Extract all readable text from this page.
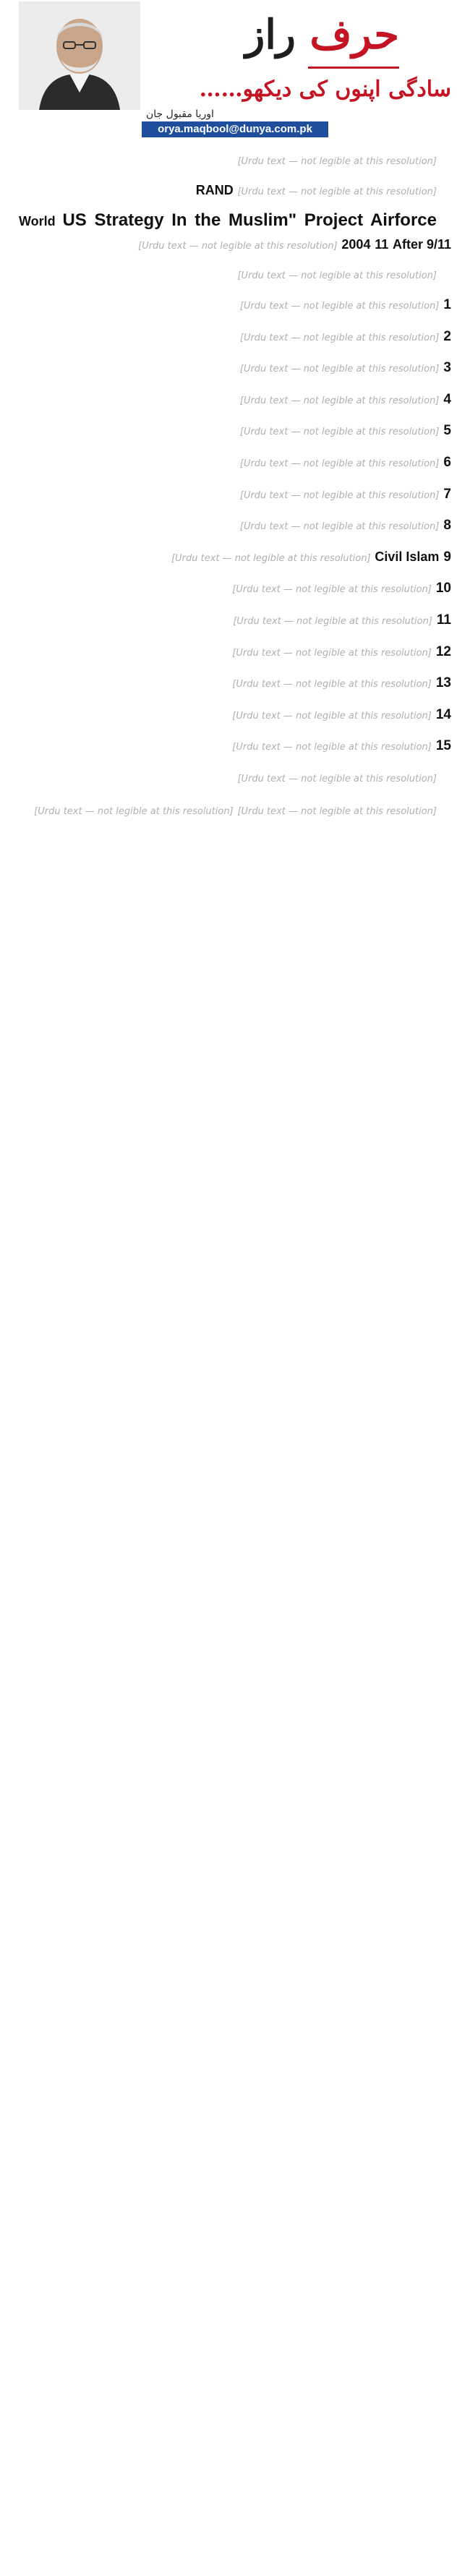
حرف راز
سادگی اپنوں کی دیکھو……
اوریا مقبول جان
orya.maqbool@dunya.com.pk

[Urdu text — not legible at this resolution]

[Urdu text — not legible at this resolution] RAND

US Strategy In the Muslim" Project Airforce World After 9/11 11 2004 [Urdu text — not legible at this resolution]

[Urdu text — not legible at this resolution]

1[Urdu text — not legible at this resolution]
2[Urdu text — not legible at this resolution]
3[Urdu text — not legible at this resolution]
4[Urdu text — not legible at this resolution]
5[Urdu text — not legible at this resolution]
6[Urdu text — not legible at this resolution]
7[Urdu text — not legible at this resolution]
8[Urdu text — not legible at this resolution]
9Civil Islam [Urdu text — not legible at this resolution]
10[Urdu text — not legible at this resolution]
11[Urdu text — not legible at this resolution]
12[Urdu text — not legible at this resolution]
13[Urdu text — not legible at this resolution]
14[Urdu text — not legible at this resolution]
15[Urdu text — not legible at this resolution]

[Urdu text — not legible at this resolution]

[Urdu text — not legible at this resolution] [Urdu text — not legible at this resolution]
